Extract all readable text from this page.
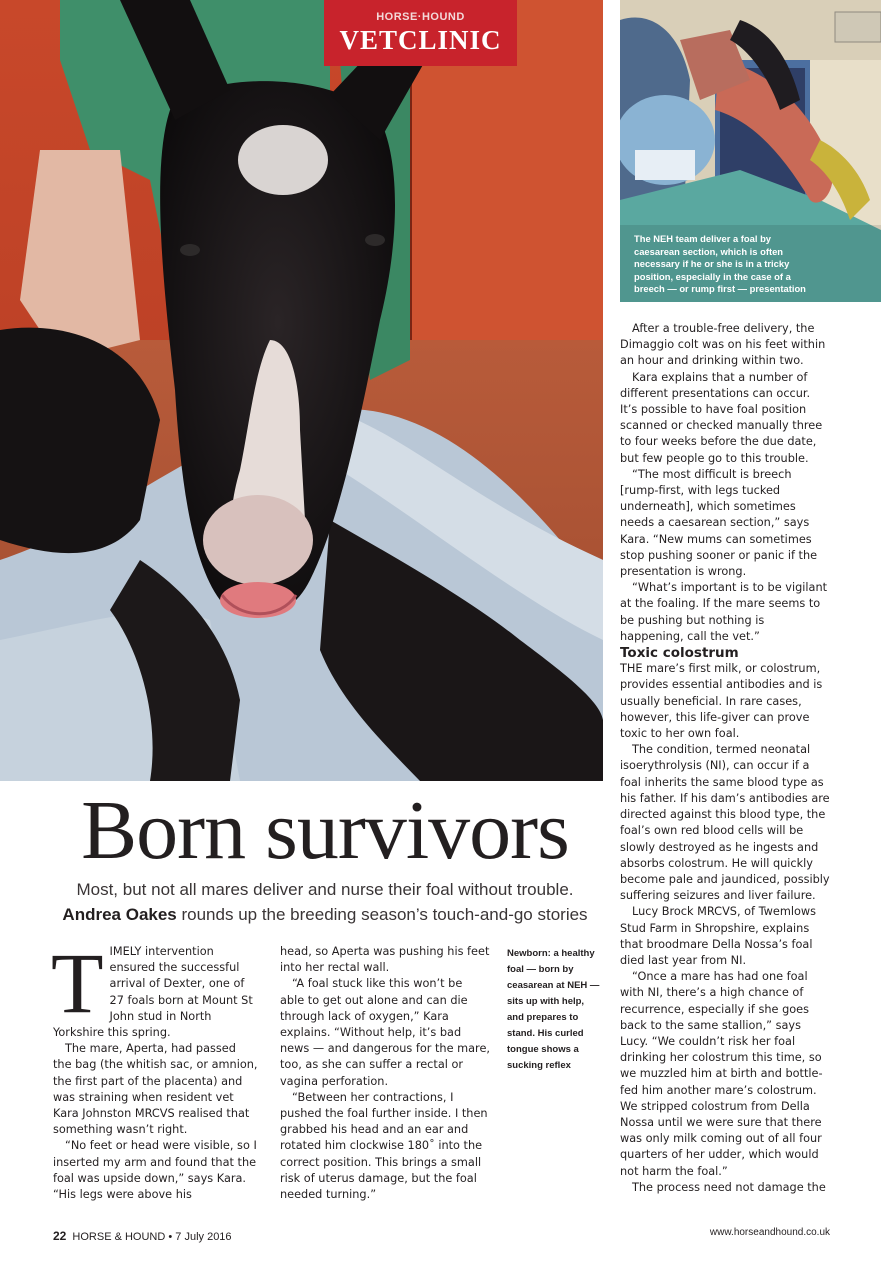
HORSE·HOUND
VETCLINIC
The NEH team deliver a foal by caesarean section, which is often necessary if he or she is in a tricky position, especially in the case of a breech — or rump first — presentation
Born survivors
Most, but not all mares deliver and nurse their foal without trouble.
Andrea Oakes rounds up the breeding season’s touch-and-go stories
T IMELY intervention ensured the successful arrival of Dexter, one of 27 foals born at Mount St John stud in North Yorkshire this spring.

The mare, Aperta, had passed the bag (the whitish sac, or amnion, the first part of the placenta) and was straining when resident vet Kara Johnston MRCVS realised that something wasn’t right.

“No feet or head were visible, so I inserted my arm and found that the foal was upside down,” says Kara. “His legs were above his

head, so Aperta was pushing his feet into her rectal wall.

“A foal stuck like this won’t be able to get out alone and can die through lack of oxygen,” Kara explains. “Without help, it’s bad news — and dangerous for the mare, too, as she can suffer a rectal or vagina perforation.

“Between her contractions, I pushed the foal further inside. I then grabbed his head and an ear and rotated him clockwise 180˚ into the correct position. This brings a small risk of uterus damage, but the foal needed turning.”

Newborn: a healthy foal — born by ceasarean at NEH — sits up with help, and prepares to stand. His curled tongue shows a sucking reflex

After a trouble-free delivery, the Dimaggio colt was on his feet within an hour and drinking within two.

Kara explains that a number of different presentations can occur. It’s possible to have foal position scanned or checked manually three to four weeks before the due date, but few people go to this trouble.

“The most difficult is breech [rump-first, with legs tucked underneath], which sometimes needs a caesarean section,” says Kara. “New mums can sometimes stop pushing sooner or panic if the presentation is wrong.

“What’s important is to be vigilant at the foaling. If the mare seems to be pushing but nothing is happening, call the vet.”

Toxic colostrum

THE mare’s first milk, or colostrum, provides essential antibodies and is usually beneficial. In rare cases, however, this life-giver can prove toxic to her own foal.

The condition, termed neonatal isoerythrolysis (NI), can occur if a foal inherits the same blood type as his father. If his dam’s antibodies are directed against this blood type, the foal’s own red blood cells will be slowly destroyed as he ingests and absorbs colostrum. He will quickly become pale and jaundiced, possibly suffering seizures and liver failure.

Lucy Brock MRCVS, of Twemlows Stud Farm in Shropshire, explains that broodmare Della Nossa’s foal died last year from NI.

“Once a mare has had one foal with NI, there’s a high chance of recurrence, especially if she goes back to the same stallion,” says Lucy. “We couldn’t risk her foal drinking her colostrum this time, so we muzzled him at birth and bottle-fed him another mare’s colostrum. We stripped colostrum from Della Nossa until we were sure that there was only milk coming out of all four quarters of her udder, which would not harm the foal.”

The process need not damage the

22 HORSE & HOUND • 7 July 2016	www.horseandhound.co.uk
